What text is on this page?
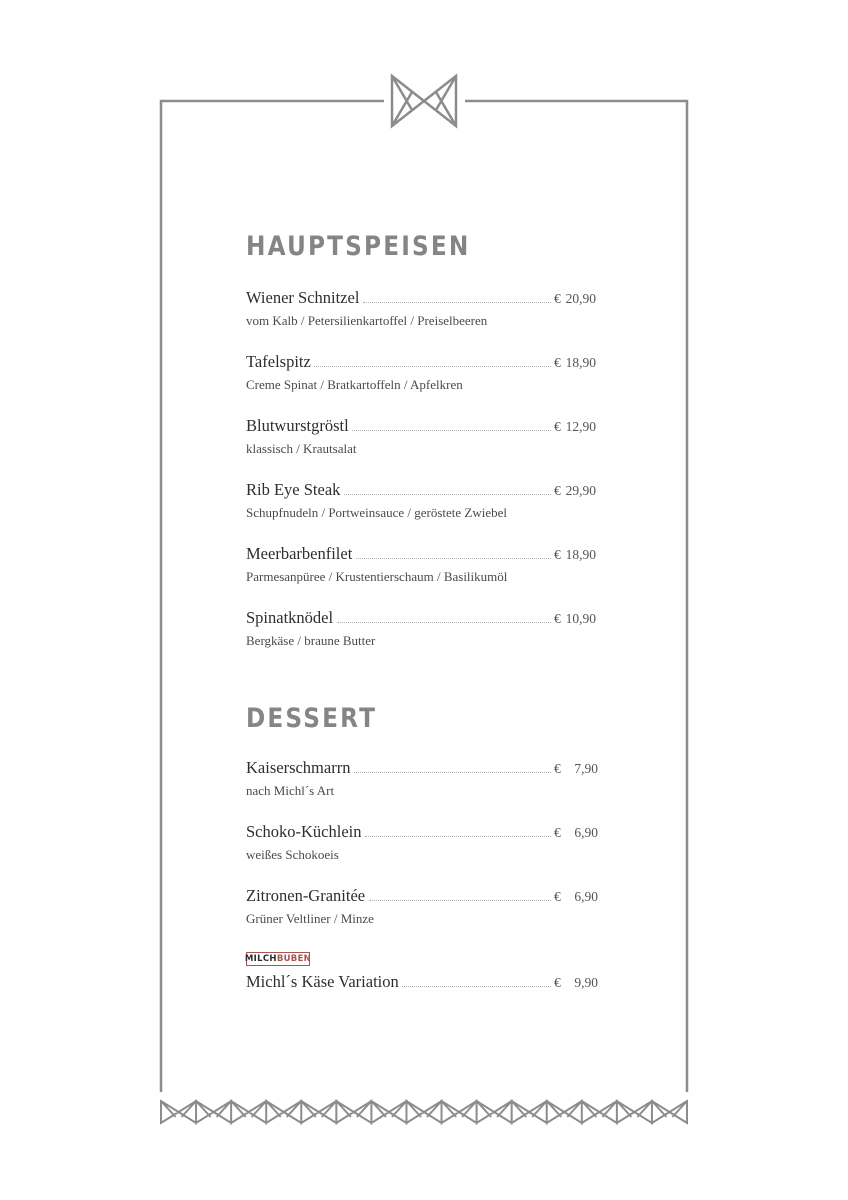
HAUPTSPEISEN
Wiener Schnitzel	€ 20,90
vom Kalb / Petersilienkartoffel / Preiselbeeren
Tafelspitz	€ 18,90
Creme Spinat / Bratkartoffeln / Apfelkren
Blutwurstgröstl	€ 12,90
klassisch / Krautsalat
Rib Eye Steak	€ 29,90
Schupfnudeln / Portweinsauce / geröstete Zwiebel
Meerbarbenfilet	€ 18,90
Parmesanpüree / Krustentierschaum / Basilikumöl
Spinatknödel	€ 10,90
Bergkäse / braune Butter
DESSERT
Kaiserschmarrn	€ 7,90
nach Michl´s Art
Schoko-Küchlein	€ 6,90
weißes Schokoeis
Zitronen-Granitée	€ 6,90
Grüner Veltliner / Minze
MILCH BUBEN
Michl´s Käse Variation	€ 9,90
